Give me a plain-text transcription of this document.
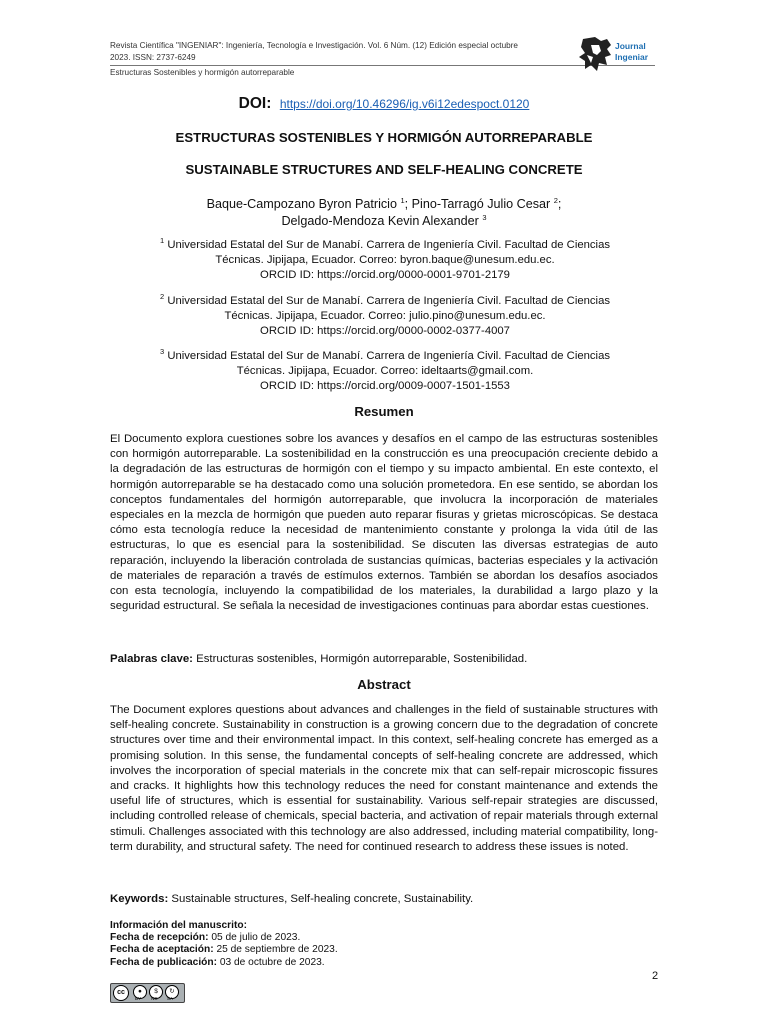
Revista Científica "INGENIAR": Ingeniería, Tecnología e Investigación. Vol. 6 Núm. (12) Edición especial octubre
2023. ISSN: 2737-6249
Estructuras Sostenibles y hormigón autorreparable
Journal
Ingeniar
DOI: https://doi.org/10.46296/ig.v6i12edespoct.0120
ESTRUCTURAS SOSTENIBLES Y HORMIGÓN AUTORREPARABLE
SUSTAINABLE STRUCTURES AND SELF-HEALING CONCRETE
Baque-Campozano Byron Patricio $^1$; Pino-Tarragó Julio Cesar $^2$;
Delgado-Mendoza Kevin Alexander $^3$
$^1$ Universidad Estatal del Sur de Manabí. Carrera de Ingeniería Civil. Facultad de Ciencias
Técnicas. Jipijapa, Ecuador. Correo: byron.baque@unesum.edu.ec.
ORCID ID: https://orcid.org/0000-0001-9701-2179
$^2$ Universidad Estatal del Sur de Manabí. Carrera de Ingeniería Civil. Facultad de Ciencias
Técnicas. Jipijapa, Ecuador. Correo: julio.pino@unesum.edu.ec.
ORCID ID: https://orcid.org/0000-0002-0377-4007
$^3$ Universidad Estatal del Sur de Manabí. Carrera de Ingeniería Civil. Facultad de Ciencias
Técnicas. Jipijapa, Ecuador. Correo: ideltaarts@gmail.com.
ORCID ID: https://orcid.org/0009-0007-1501-1553
Resumen
El Documento explora cuestiones sobre los avances y desafíos en el campo de las estructuras sostenibles con hormigón autorreparable. La sostenibilidad en la construcción es una preocupación creciente debido a la degradación de las estructuras de hormigón con el tiempo y su impacto ambiental. En este contexto, el hormigón autorreparable se ha destacado como una solución prometedora. En ese sentido, se abordan los conceptos fundamentales del hormigón autorreparable, que involucra la incorporación de materiales especiales en la mezcla de hormigón que pueden auto reparar fisuras y grietas microscópicas. Se destaca cómo esta tecnología reduce la necesidad de mantenimiento constante y prolonga la vida útil de las estructuras, lo que es esencial para la sostenibilidad. Se discuten las diversas estrategias de auto reparación, incluyendo la liberación controlada de sustancias químicas, bacterias especiales y la activación de materiales de reparación a través de estímulos externos. También se abordan los desafíos asociados con esta tecnología, incluyendo la compatibilidad de los materiales, la durabilidad a largo plazo y la seguridad estructural. Se señala la necesidad de investigaciones continuas para abordar estas cuestiones.
Palabras clave: Estructuras sostenibles, Hormigón autorreparable, Sostenibilidad.
Abstract
The Document explores questions about advances and challenges in the field of sustainable structures with self-healing concrete. Sustainability in construction is a growing concern due to the degradation of concrete structures over time and their environmental impact. In this context, self-healing concrete has emerged as a promising solution. In this sense, the fundamental concepts of self-healing concrete are addressed, which involves the incorporation of special materials in the concrete mix that can self-repair microscopic fissures and cracks. It highlights how this technology reduces the need for constant maintenance and extends the useful life of structures, which is essential for sustainability. Various self-repair strategies are discussed, including controlled release of chemicals, special bacteria, and activation of repair materials through external stimuli. Challenges associated with this technology are also addressed, including material compatibility, long-term durability, and structural safety. The need for continued research to address these issues is noted.
Keywords: Sustainable structures, Self-healing concrete, Sustainability.
Información del manuscrito:
Fecha de recepción: 05 de julio de 2023.
Fecha de aceptación: 25 de septiembre de 2023.
Fecha de publicación: 03 de octubre de 2023.
2
cc	●	$	↻
BY NC SA
